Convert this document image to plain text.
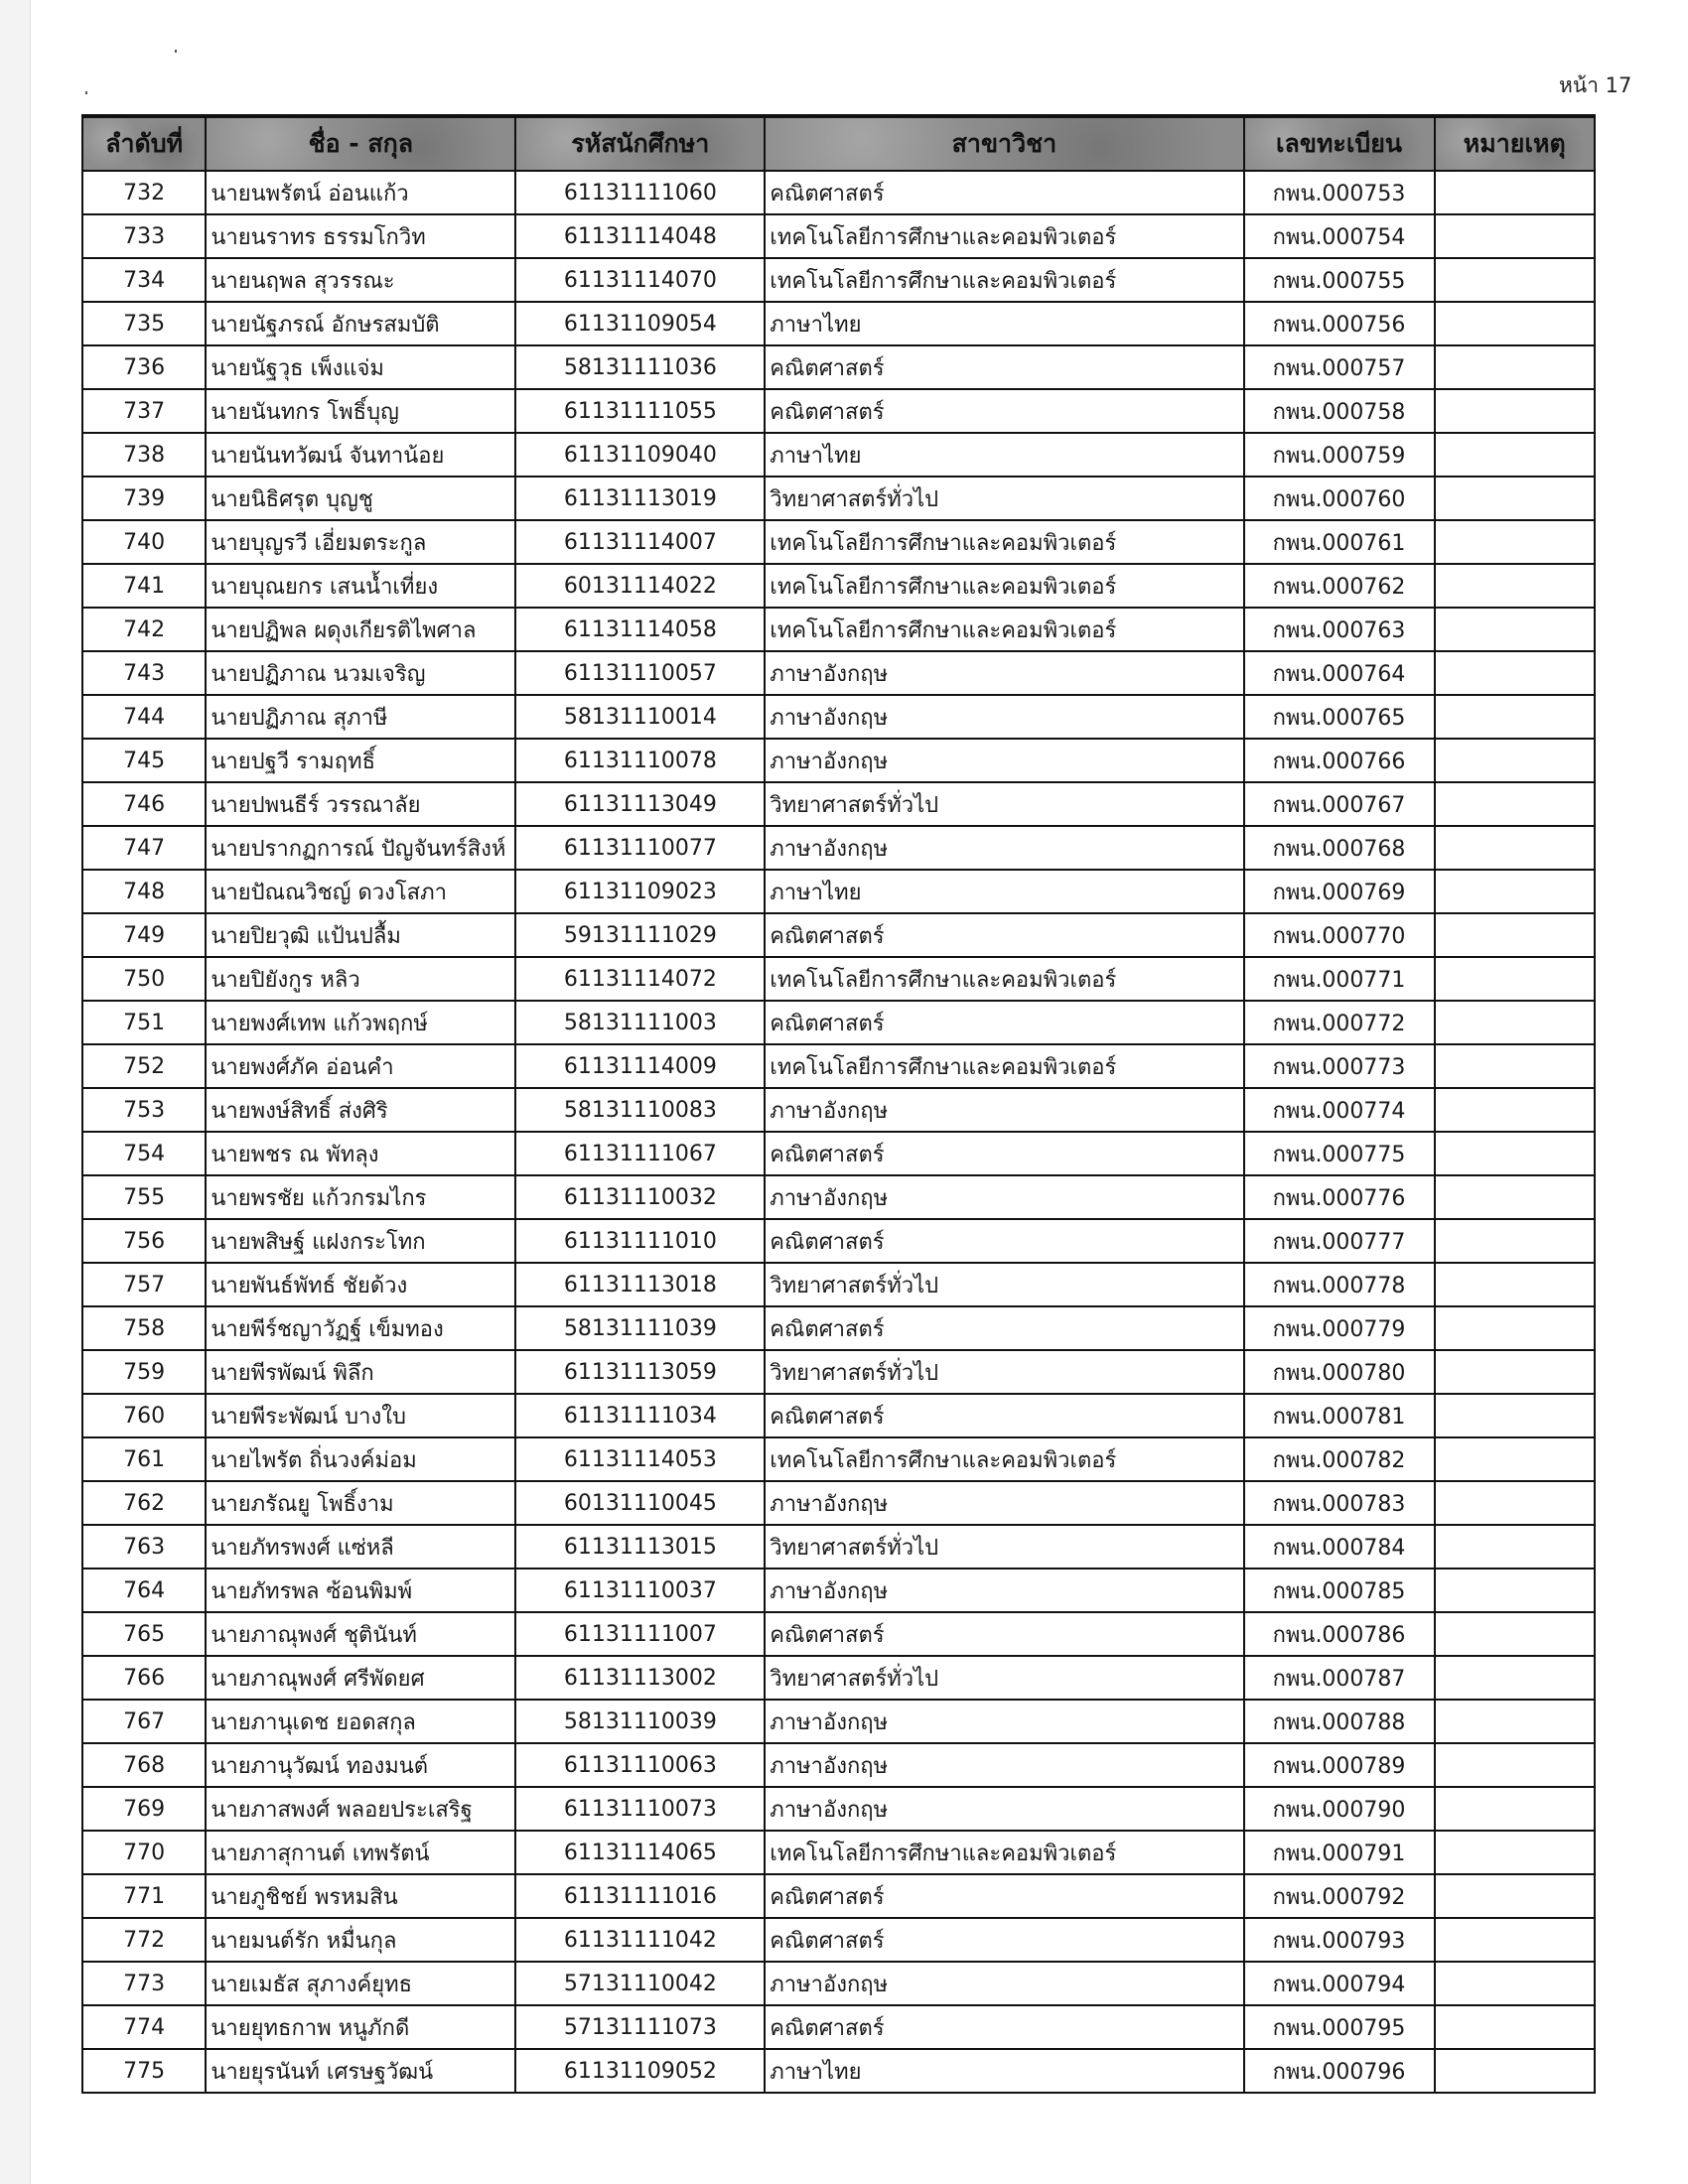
หน้า 17
ลำดับที่	ชื่อ - สกุล	รหัสนักศึกษา	สาขาวิชา	เลขทะเบียน	หมายเหตุ
732	นายนพรัตน์ อ่อนแก้ว	61131111060	คณิตศาสตร์	กพน.000753	
733	นายนราทร ธรรมโกวิท	61131114048	เทคโนโลยีการศึกษาและคอมพิวเตอร์	กพน.000754	
734	นายนฤพล สุวรรณะ	61131114070	เทคโนโลยีการศึกษาและคอมพิวเตอร์	กพน.000755	
735	นายนัฐภรณ์ อักษรสมบัติ	61131109054	ภาษาไทย	กพน.000756	
736	นายนัฐวุธ เพ็งแจ่ม	58131111036	คณิตศาสตร์	กพน.000757	
737	นายนันทกร โพธิ์บุญ	61131111055	คณิตศาสตร์	กพน.000758	
738	นายนันทวัฒน์ จันทาน้อย	61131109040	ภาษาไทย	กพน.000759	
739	นายนิธิศรุต บุญชู	61131113019	วิทยาศาสตร์ทั่วไป	กพน.000760	
740	นายบุญรวี เอี่ยมตระกูล	61131114007	เทคโนโลยีการศึกษาและคอมพิวเตอร์	กพน.000761	
741	นายบุณยกร เสนน้ำเที่ยง	60131114022	เทคโนโลยีการศึกษาและคอมพิวเตอร์	กพน.000762	
742	นายปฏิพล ผดุงเกียรติไพศาล	61131114058	เทคโนโลยีการศึกษาและคอมพิวเตอร์	กพน.000763	
743	นายปฏิภาณ นวมเจริญ	61131110057	ภาษาอังกฤษ	กพน.000764	
744	นายปฏิภาณ สุภาษี	58131110014	ภาษาอังกฤษ	กพน.000765	
745	นายปฐวี รามฤทธิ์	61131110078	ภาษาอังกฤษ	กพน.000766	
746	นายปพนธีร์ วรรณาลัย	61131113049	วิทยาศาสตร์ทั่วไป	กพน.000767	
747	นายปรากฏการณ์ ปัญจันทร์สิงห์	61131110077	ภาษาอังกฤษ	กพน.000768	
748	นายปัณณวิชญ์ ดวงโสภา	61131109023	ภาษาไทย	กพน.000769	
749	นายปิยวุฒิ แป้นปลื้ม	59131111029	คณิตศาสตร์	กพน.000770	
750	นายปิยังกูร หลิว	61131114072	เทคโนโลยีการศึกษาและคอมพิวเตอร์	กพน.000771	
751	นายพงศ์เทพ แก้วพฤกษ์	58131111003	คณิตศาสตร์	กพน.000772	
752	นายพงศ์ภัค อ่อนคำ	61131114009	เทคโนโลยีการศึกษาและคอมพิวเตอร์	กพน.000773	
753	นายพงษ์สิทธิ์ ส่งศิริ	58131110083	ภาษาอังกฤษ	กพน.000774	
754	นายพชร ณ พัทลุง	61131111067	คณิตศาสตร์	กพน.000775	
755	นายพรชัย แก้วกรมไกร	61131110032	ภาษาอังกฤษ	กพน.000776	
756	นายพสิษฐ์ แฝงกระโทก	61131111010	คณิตศาสตร์	กพน.000777	
757	นายพันธ์พัทธ์ ชัยด้วง	61131113018	วิทยาศาสตร์ทั่วไป	กพน.000778	
758	นายพีร์ชญาวัฏฐ์ เข็มทอง	58131111039	คณิตศาสตร์	กพน.000779	
759	นายพีรพัฒน์ พิลึก	61131113059	วิทยาศาสตร์ทั่วไป	กพน.000780	
760	นายพีระพัฒน์ บางใบ	61131111034	คณิตศาสตร์	กพน.000781	
761	นายไพรัต ถิ่นวงค์ม่อม	61131114053	เทคโนโลยีการศึกษาและคอมพิวเตอร์	กพน.000782	
762	นายภรัณยู โพธิ์งาม	60131110045	ภาษาอังกฤษ	กพน.000783	
763	นายภัทรพงศ์ แซ่หลี	61131113015	วิทยาศาสตร์ทั่วไป	กพน.000784	
764	นายภัทรพล ซ้อนพิมพ์	61131110037	ภาษาอังกฤษ	กพน.000785	
765	นายภาณุพงศ์ ชุตินันท์	61131111007	คณิตศาสตร์	กพน.000786	
766	นายภาณุพงศ์ ศรีพัดยศ	61131113002	วิทยาศาสตร์ทั่วไป	กพน.000787	
767	นายภานุเดช ยอดสกุล	58131110039	ภาษาอังกฤษ	กพน.000788	
768	นายภานุวัฒน์ ทองมนต์	61131110063	ภาษาอังกฤษ	กพน.000789	
769	นายภาสพงศ์ พลอยประเสริฐ	61131110073	ภาษาอังกฤษ	กพน.000790	
770	นายภาสุกานต์ เทพรัตน์	61131114065	เทคโนโลยีการศึกษาและคอมพิวเตอร์	กพน.000791	
771	นายภูชิชย์ พรหมสิน	61131111016	คณิตศาสตร์	กพน.000792	
772	นายมนต์รัก หมื่นกุล	61131111042	คณิตศาสตร์	กพน.000793	
773	นายเมธัส สุภางค์ยุทธ	57131110042	ภาษาอังกฤษ	กพน.000794	
774	นายยุทธกาพ หนูภักดี	57131111073	คณิตศาสตร์	กพน.000795	
775	นายยุรนันท์ เศรษฐวัฒน์	61131109052	ภาษาไทย	กพน.000796	
